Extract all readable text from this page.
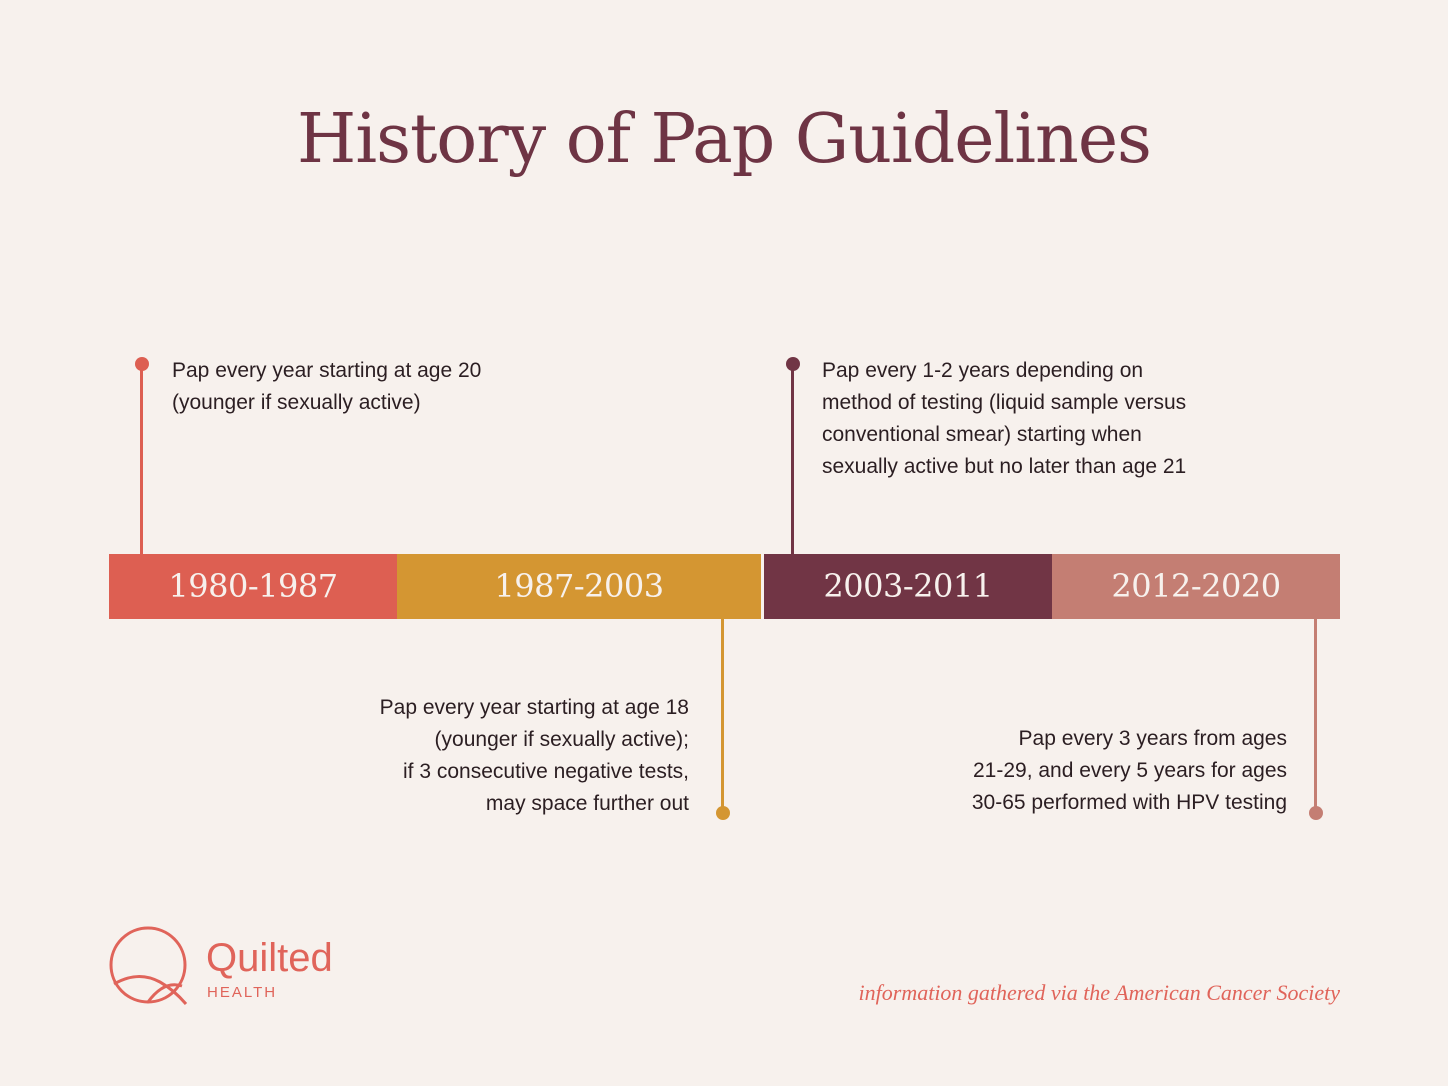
History of Pap Guidelines
1980-1987	1987-2003	2003-2011	2012-2020
Pap every year starting at age 20
(younger if sexually active)
Pap every year starting at age 18
(younger if sexually active);
if 3 consecutive negative tests,
may space further out
Pap every 1-2 years depending on
method of testing (liquid sample versus
conventional smear) starting when
sexually active but no later than age 21
Pap every 3 years from ages
21-29, and every 5 years for ages
30-65 performed with HPV testing
Quilted
HEALTH	information gathered via the American Cancer Society
